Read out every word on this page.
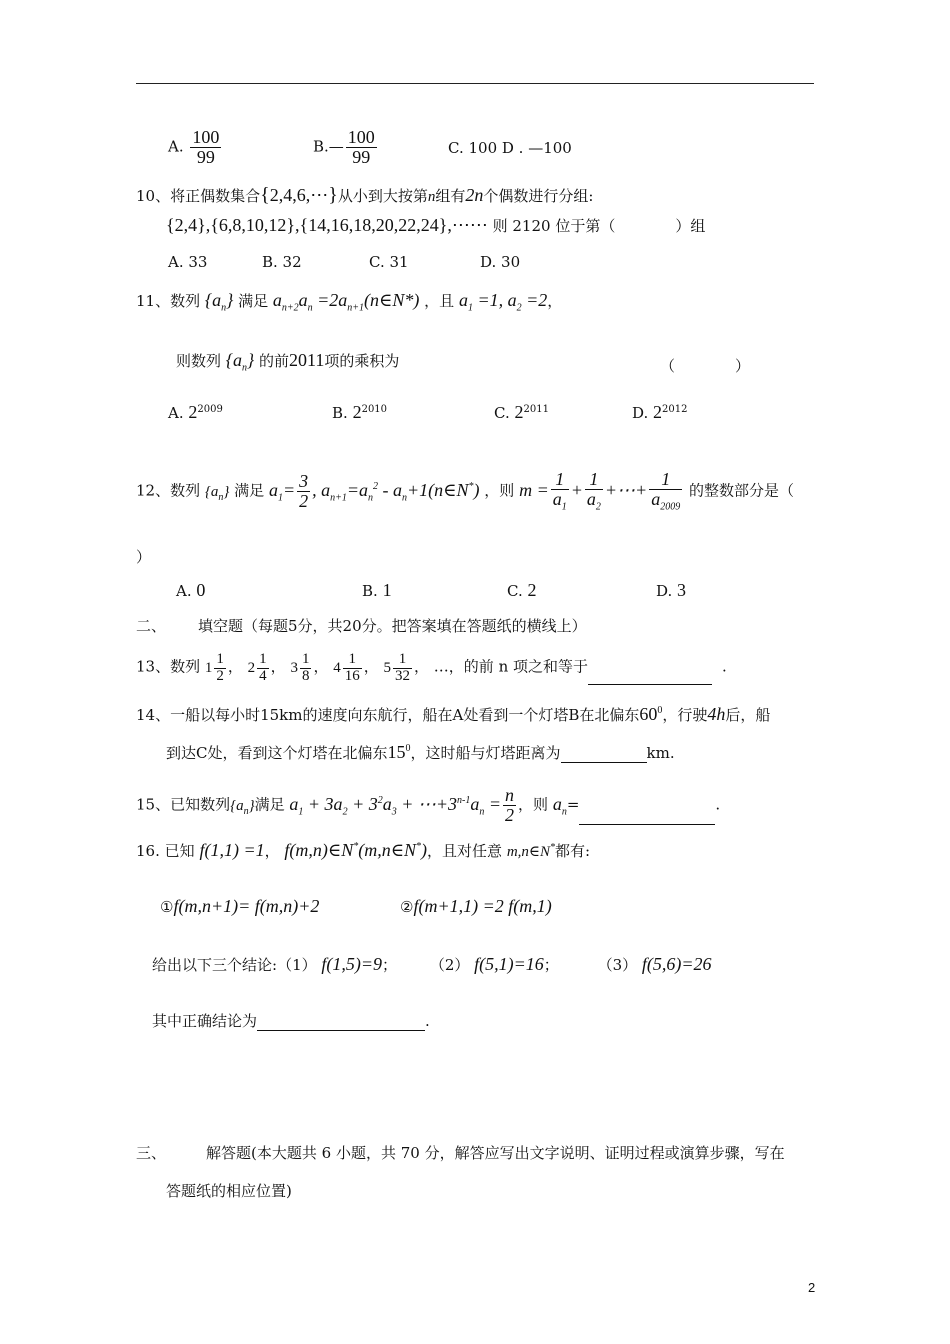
A. $\frac{100}{99}$	B.— $\frac{100}{99}$	C. 100 D . —100
10、将正偶数集合{2,4,6,⋯}从小到大按第n组有2n个偶数进行分组:
{2,4},{6,8,10,12},{14,16,18,20,22,24},⋯⋯ 则 2120 位于第（	）组
A. 33	B. 32	C. 31	D. 30
11、数列 $\{a_n\}$ 满足 $a_{n+2}a_n$ $=2a_{n+1}(n\in N*)$ ，且 $a_1 =1$, $a_2 =2$，
则数列 $\{a_n\}$ 的前2011项的乘积为	（　　　　）
A. $2^{2009}$	B. $2^{2010}$	C. $2^{2011}$	D. $2^{2012}$
12、数列 $\{a_n\}$ 满足 $a_1= \frac{3}{2}$ , $a_{n+1}=a_n^2$ - $a_n+1(n\in N^*)$ ，则 $m = \frac{1}{a_1} + \frac{1}{a_2}$ +⋯+ $\frac{1}{a_{2009}}$ 的整数部分是（
）
A. 0	B. 1	C. 2	D. 3
二、 填空题（每题5分，共20分。把答案填在答题纸的横线上）
13、数列 $1 \frac{1}{2}$ ， $2 \frac{1}{4}$ ， $3 \frac{1}{8}$ ， $4 \frac{1}{16}$ ， $5 \frac{1}{32}$ ， …，的前 n 项之和等于	.
14、一船以每小时15km的速度向东航行，船在A处看到一个灯塔B在北偏东$60^0$，行驶4h后，船
到达C处，看到这个灯塔在北偏东$15^0$，这时船与灯塔距离为	km.
15、已知数列$\{a_n\}$满足 $a_1 + 3a_2 + 3^2a_3$ + $\cdots+3^{n-1}a_n = \frac{n}{2}$ ，则 $a_n=$	.
16. 已知 f(1,1) =1， f(m,n)∈N*(m,n∈N*)，且对任意 m,n∈N*都有:
①f(m,n+1)= f(m,n)+2	②f(m+1,1) =2 f(m,1)
给出以下三个结论:（1） f(1,5)=9； （2） f(5,1)=16；	（3） f(5,6)=26
其中正确结论为	.
三、	解答题(本大题共 6 小题，共 70 分，解答应写出文字说明、证明过程或演算步骤，写在
答题纸的相应位置)
2
